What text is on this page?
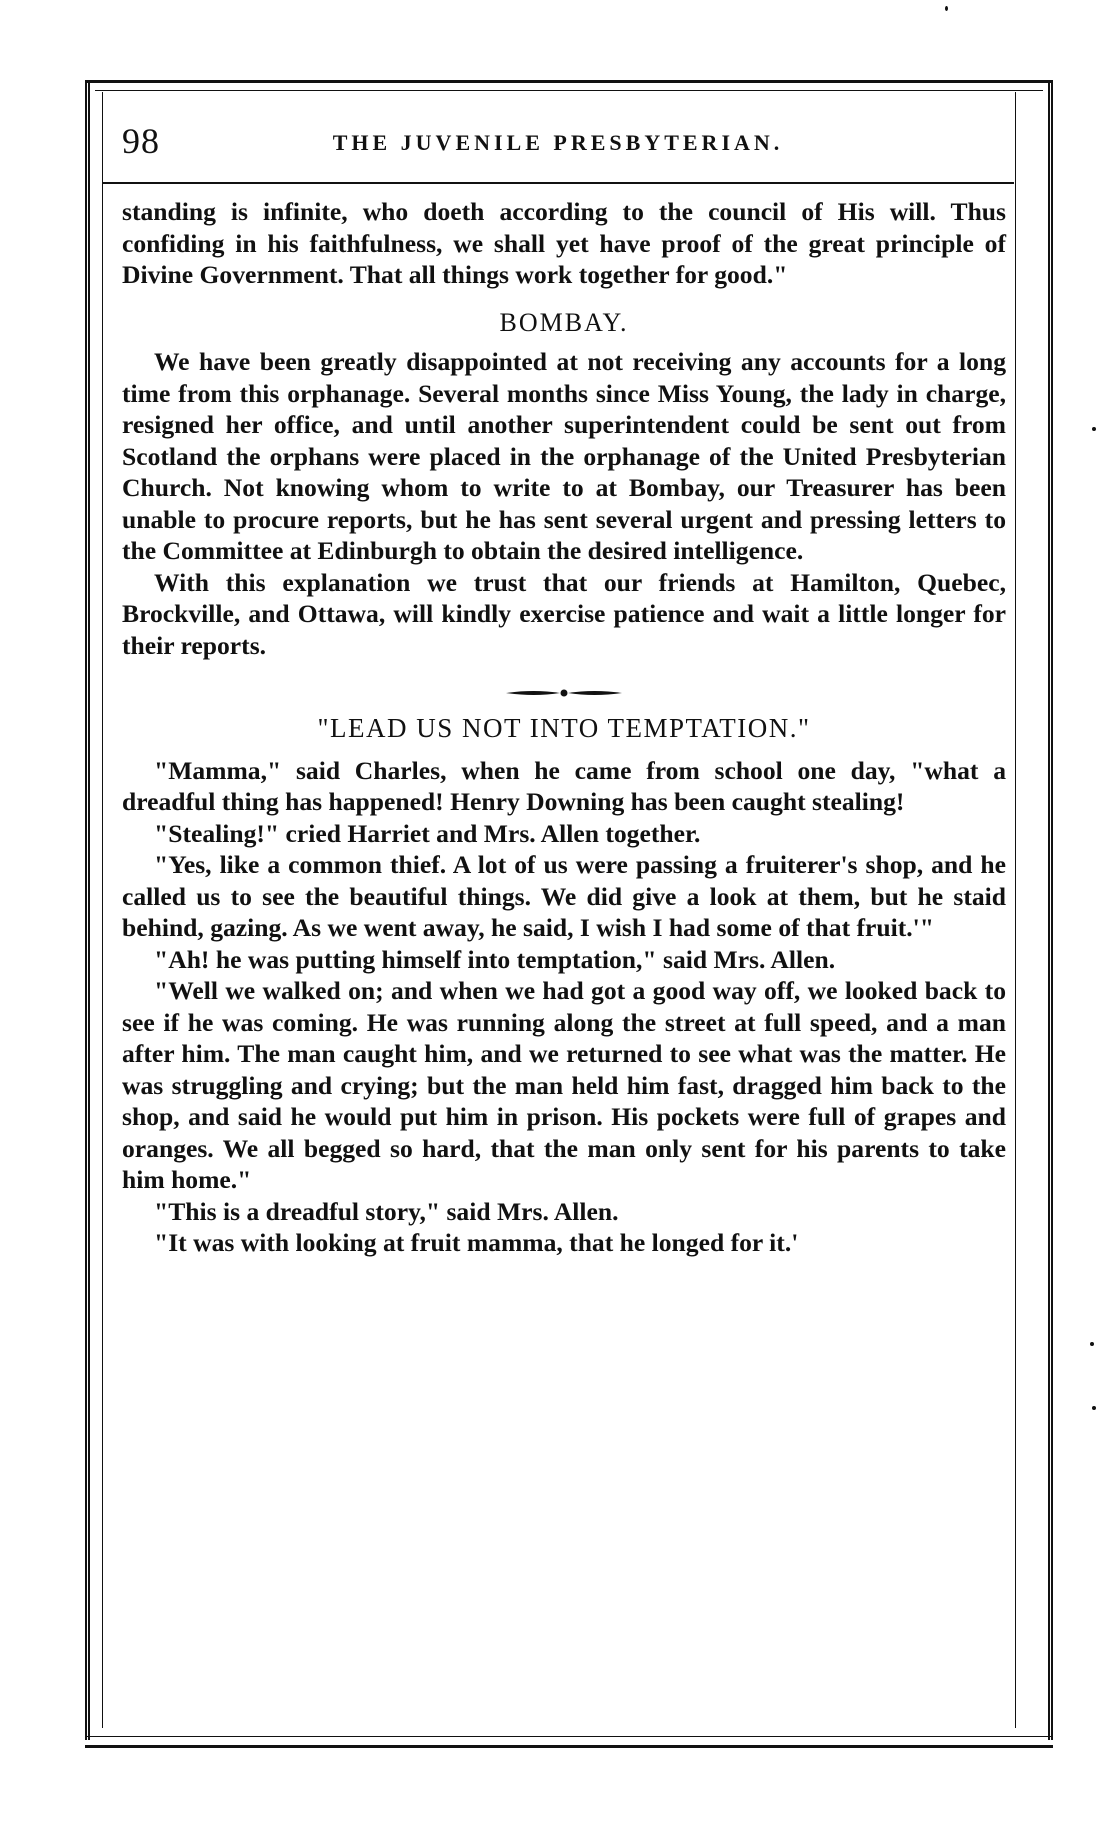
98	THE JUVENILE PRESBYTERIAN.

standing is infinite, who doeth according to the council of His will. Thus confiding in his faithfulness, we shall yet have proof of the great principle of Divine Government. That all things work together for good."

BOMBAY.

We have been greatly disappointed at not receiving any accounts for a long time from this orphanage. Several months since Miss Young, the lady in charge, resigned her office, and until another superintendent could be sent out from Scotland the orphans were placed in the orphanage of the United Presbyterian Church. Not knowing whom to write to at Bombay, our Treasurer has been unable to procure reports, but he has sent several urgent and pressing letters to the Committee at Edinburgh to obtain the desired intelligence.

With this explanation we trust that our friends at Hamilton, Quebec, Brockville, and Ottawa, will kindly exercise patience and wait a little longer for their reports.

"LEAD US NOT INTO TEMPTATION."

"Mamma," said Charles, when he came from school one day, "what a dreadful thing has happened! Henry Downing has been caught stealing!

"Stealing!" cried Harriet and Mrs. Allen together.

"Yes, like a common thief. A lot of us were passing a fruiterer's shop, and he called us to see the beautiful things. We did give a look at them, but he staid behind, gazing. As we went away, he said, I wish I had some of that fruit.'"

"Ah! he was putting himself into temptation," said Mrs. Allen.

"Well we walked on; and when we had got a good way off, we looked back to see if he was coming. He was running along the street at full speed, and a man after him. The man caught him, and we returned to see what was the matter. He was struggling and crying; but the man held him fast, dragged him back to the shop, and said he would put him in prison. His pockets were full of grapes and oranges. We all begged so hard, that the man only sent for his parents to take him home."

"This is a dreadful story," said Mrs. Allen.

"It was with looking at fruit mamma, that he longed for it.'
